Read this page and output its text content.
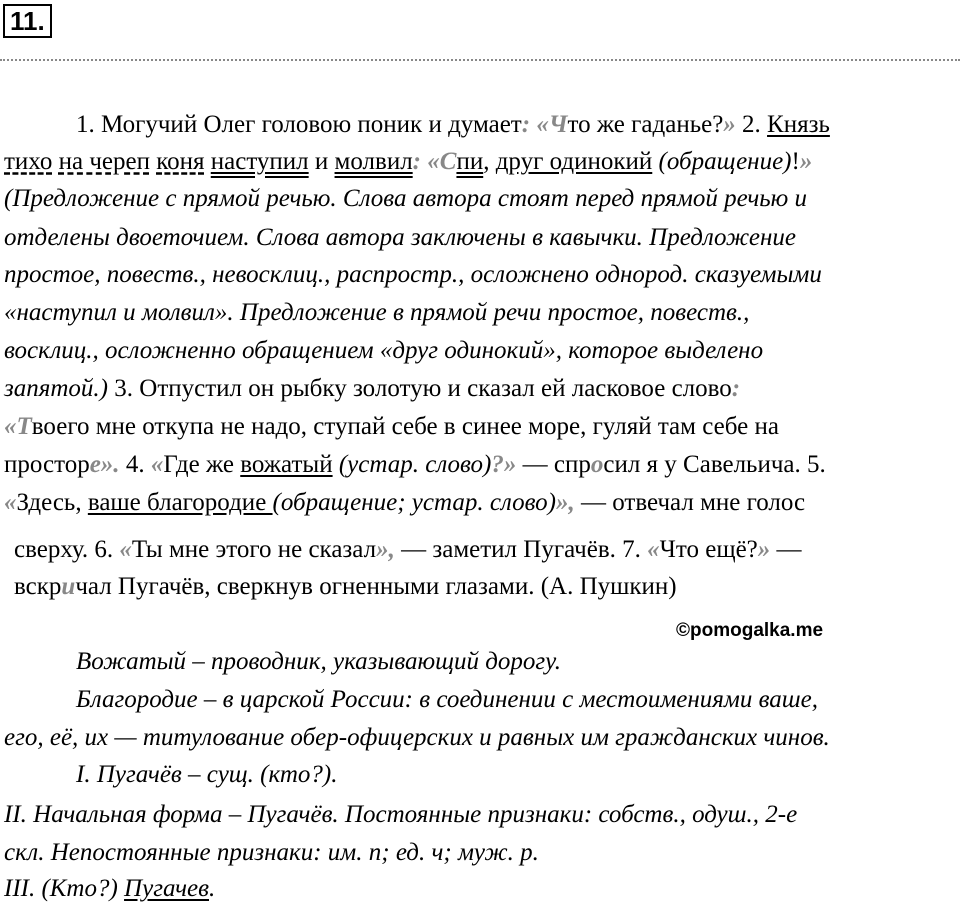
11.
1. Могучий Олег головою поник и думает: «Что же гаданье?» 2. Князь
тихо на череп коня наступил и молвил: «Спи, друг одинокий (обращение)!»
(Предложение с прямой речью. Слова автора стоят перед прямой речью и
отделены двоеточием. Слова автора заключены в кавычки. Предложение
простое, повеств., невосклиц., распростр., осложнено однород. сказуемыми
«наступил и молвил». Предложение в прямой речи простое, повеств.,
восклиц., осложненно обращением «друг одинокий», которое выделено
запятой.) 3. Отпустил он рыбку золотую и сказал ей ласковое слово:
«Твоего мне откупа не надо, ступай себе в синее море, гуляй там себе на
просторе». 4. «Где же вожатый (устар. слово)?» — спросил я у Савельича. 5.
«Здесь, ваше благородие (обращение; устар. слово)», — отвечал мне голос
сверху. 6. «Ты мне этого не сказал», — заметил Пугачёв. 7. «Что ещё?» —
вскричал Пугачёв, сверкнув огненными глазами. (А. Пушкин)
©pomogalka.me
Вожатый – проводник, указывающий дорогу.
Благородие – в царской России: в соединении с местоимениями ваше,
его, её, их — титулование обер-офицерских и равных им гражданских чинов.
I. Пугачёв – сущ. (кто?).
II. Начальная форма – Пугачёв. Постоянные признаки: собств., одуш., 2-е
скл. Непостоянные признаки: им. п; ед. ч; муж. р.
III. (Кто?) Пугачев.
